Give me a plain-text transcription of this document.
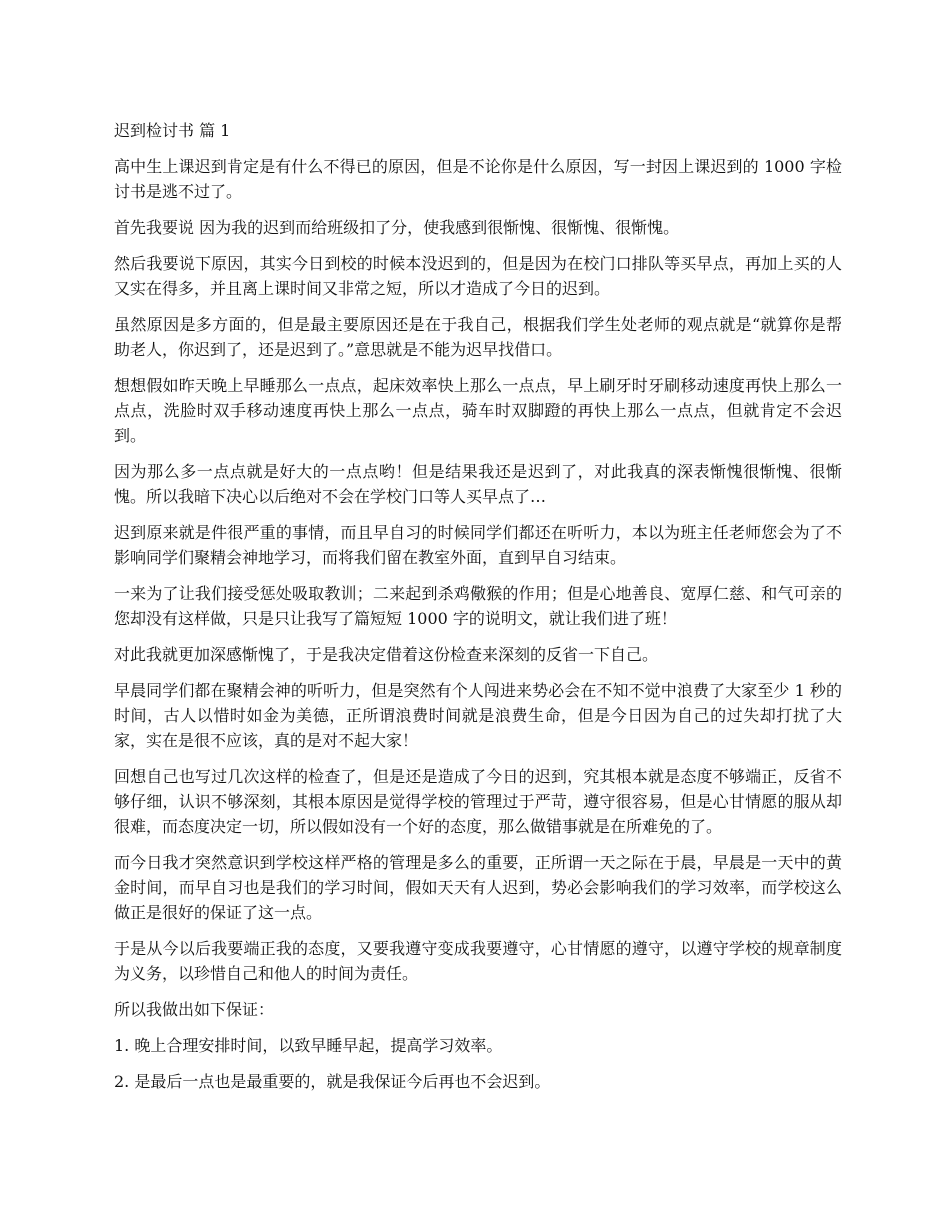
迟到检讨书 篇 1

高中生上课迟到肯定是有什么不得已的原因，但是不论你是什么原因，写一封因上课迟到的 1000 字检讨书是逃不过了。

首先我要说 因为我的迟到而给班级扣了分，使我感到很惭愧、很惭愧、很惭愧。

然后我要说下原因，其实今日到校的时候本没迟到的，但是因为在校门口排队等买早点，再加上买的人又实在得多，并且离上课时间又非常之短，所以才造成了今日的迟到。

虽然原因是多方面的，但是最主要原因还是在于我自己，根据我们学生处老师的观点就是“就算你是帮助老人，你迟到了，还是迟到了。”意思就是不能为迟早找借口。

想想假如昨天晚上早睡那么一点点，起床效率快上那么一点点，早上刷牙时牙刷移动速度再快上那么一点点，洗脸时双手移动速度再快上那么一点点，骑车时双脚蹬的再快上那么一点点，但就肯定不会迟到。

因为那么多一点点就是好大的一点点哟！但是结果我还是迟到了，对此我真的深表惭愧很惭愧、很惭愧。所以我暗下决心以后绝对不会在学校门口等人买早点了…

迟到原来就是件很严重的事情，而且早自习的时候同学们都还在听听力，本以为班主任老师您会为了不影响同学们聚精会神地学习，而将我们留在教室外面，直到早自习结束。

一来为了让我们接受惩处吸取教训；二来起到杀鸡儆猴的作用；但是心地善良、宽厚仁慈、和气可亲的您却没有这样做，只是只让我写了篇短短 1000 字的说明文，就让我们进了班！

对此我就更加深感惭愧了，于是我决定借着这份检查来深刻的反省一下自己。

早晨同学们都在聚精会神的听听力，但是突然有个人闯进来势必会在不知不觉中浪费了大家至少 1 秒的时间，古人以惜时如金为美德，正所谓浪费时间就是浪费生命，但是今日因为自己的过失却打扰了大家，实在是很不应该，真的是对不起大家！

回想自己也写过几次这样的检查了，但是还是造成了今日的迟到，究其根本就是态度不够端正，反省不够仔细，认识不够深刻，其根本原因是觉得学校的管理过于严苛，遵守很容易，但是心甘情愿的服从却很难，而态度决定一切，所以假如没有一个好的态度，那么做错事就是在所难免的了。

而今日我才突然意识到学校这样严格的管理是多么的重要，正所谓一天之际在于晨，早晨是一天中的黄金时间，而早自习也是我们的学习时间，假如天天有人迟到，势必会影响我们的学习效率，而学校这么做正是很好的保证了这一点。

于是从今以后我要端正我的态度，又要我遵守变成我要遵守，心甘情愿的遵守，以遵守学校的规章制度为义务，以珍惜自己和他人的时间为责任。

所以我做出如下保证：

1. 晚上合理安排时间，以致早睡早起，提高学习效率。

2. 是最后一点也是最重要的，就是我保证今后再也不会迟到。
